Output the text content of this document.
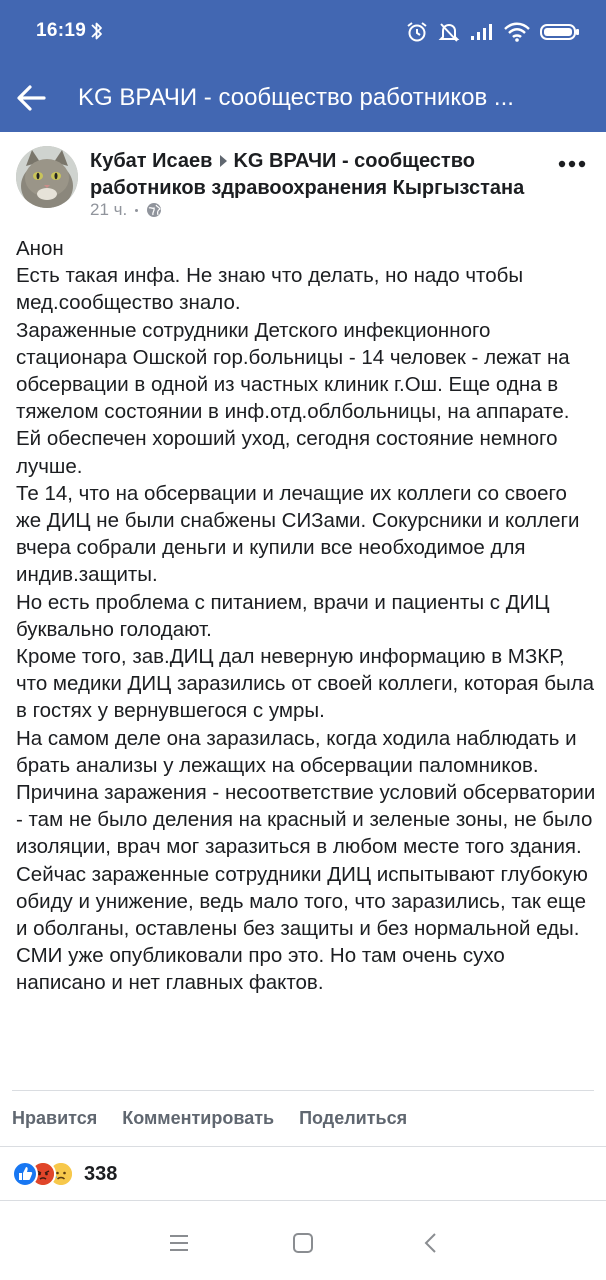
16:19
KG ВРАЧИ - сообщество работников ...
Кубат Исаев KG ВРАЧИ - сообщество работников здравоохранения Кыргызстана
21 ч.

Анон

Есть такая инфа. Не знаю что делать, но надо чтобы мед.сообщество знало.

Зараженные сотрудники Детского инфекционного стационара Ошской гор.больницы - 14 человек - лежат на обсервации в одной из частных клиник г.Ош. Еще одна в тяжелом состоянии в инф.отд.облбольницы, на аппарате. Ей обеспечен хороший уход, сегодня состояние немного лучше.

Те 14, что на обсервации и лечащие их коллеги со своего же ДИЦ не были снабжены СИЗами. Сокурсники и коллеги вчера собрали деньги и купили все необходимое для индив.защиты.

Но есть проблема с питанием, врачи и пациенты с ДИЦ буквально голодают.

Кроме того, зав.ДИЦ дал неверную информацию в МЗКР, что медики ДИЦ заразились от своей коллеги, которая была в гостях у вернувшегося с умры.

На самом деле она заразилась, когда ходила наблюдать и брать анализы у лежащих на обсервации паломников. Причина заражения - несоответствие условий обсерватории - там не было деления на красный и зеленые зоны, не было изоляции, врач мог заразиться в любом месте того здания.

Сейчас зараженные сотрудники ДИЦ испытывают глубокую обиду и унижение, ведь мало того, что заразились, так еще и оболганы, оставлены без защиты и без нормальной еды. СМИ уже опубликовали про это. Но там очень сухо написано и нет главных фактов.

Нравится Комментировать Поделиться
338
